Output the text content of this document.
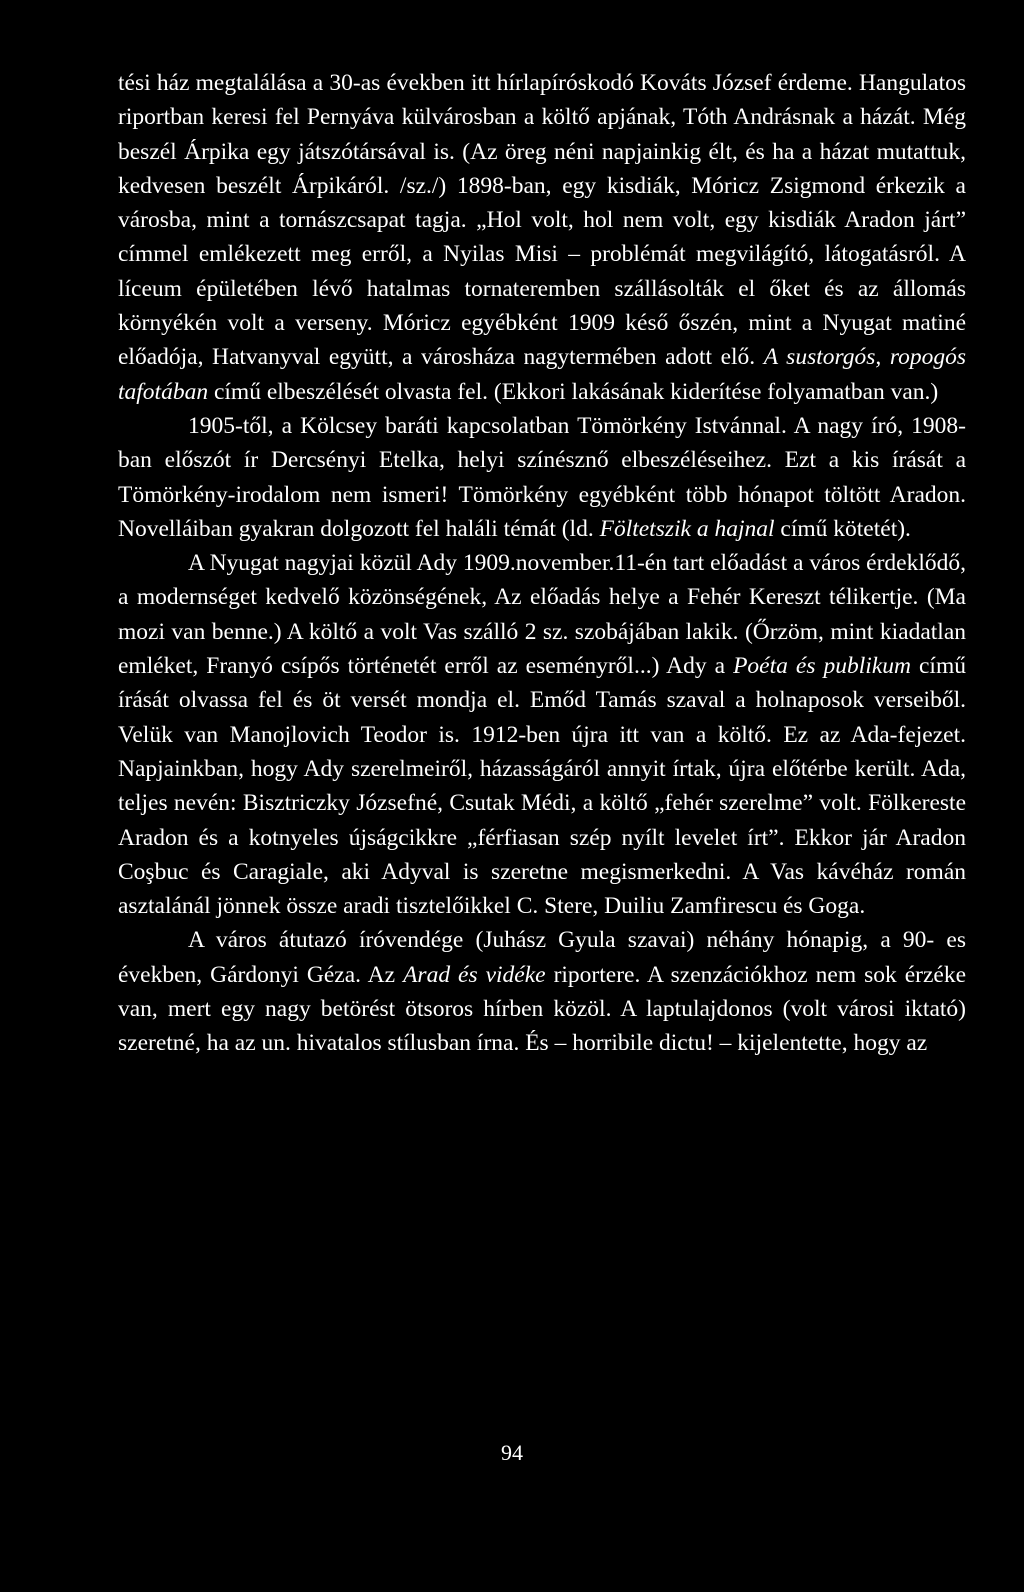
tési ház megtalálása a 30-as években itt hírlapíróskodó Kováts József érdeme. Hangulatos riportban keresi fel Pernyáva külvárosban a költő apjának, Tóth Andrásnak a házát. Még beszél Árpika egy játszótársával is. (Az öreg néni napjainkig élt, és ha a házat mutattuk, kedvesen beszélt Árpikáról. /sz./) 1898-ban, egy kisdiák, Móricz Zsigmond érkezik a városba, mint a tornászcsapat tagja. „Hol volt, hol nem volt, egy kisdiák Aradon járt” címmel emlékezett meg erről, a Nyilas Misi – problémát megvilágító, látogatásról. A líceum épületében lévő hatalmas tornateremben szállásolták el őket és az állomás környékén volt a verseny. Móricz egyébként 1909 késő őszén, mint a Nyugat matiné előadója, Hatvanyval együtt, a városháza nagytermében adott elő. A sustorgós, ropogós tafotában című elbeszélését olvasta fel. (Ekkori lakásának kiderítése folyamatban van.)

1905-től, a Kölcsey baráti kapcsolatban Tömörkény Istvánnal. A nagy író, 1908-ban előszót ír Dercsényi Etelka, helyi színésznő elbeszéléseihez. Ezt a kis írását a Tömörkény-irodalom nem ismeri! Tömörkény egyébként több hónapot töltött Aradon. Novelláiban gyakran dolgozott fel haláli témát (ld. Föltetszik a hajnal című kötetét).

A Nyugat nagyjai közül Ady 1909.november.11-én tart előadást a város érdeklődő, a modernséget kedvelő közönségének, Az előadás helye a Fehér Kereszt télikertje. (Ma mozi van benne.) A költő a volt Vas szálló 2 sz. szobájában lakik. (Őrzöm, mint kiadatlan emléket, Franyó csípős történetét erről az eseményről...) Ady a Poéta és publikum című írását olvassa fel és öt versét mondja el. Emőd Tamás szaval a holnaposok verseiből. Velük van Manojlovich Teodor is. 1912-ben újra itt van a költő. Ez az Ada-fejezet. Napjainkban, hogy Ady szerelmeiről, házasságáról annyit írtak, újra előtérbe került. Ada, teljes nevén: Bisztriczky Józsefné, Csutak Médi, a költő „fehér szerelme” volt. Fölkereste Aradon és a kotnyeles újságcikkre „férfiasan szép nyílt levelet írt”. Ekkor jár Aradon Coşbuc és Caragiale, aki Adyval is szeretne megismerkedni. A Vas kávéház román asztalánál jönnek össze aradi tisztelőikkel C. Stere, Duiliu Zamfirescu és Goga.

A város átutazó íróvendége (Juhász Gyula szavai) néhány hónapig, a 90- es években, Gárdonyi Géza. Az Arad és vidéke riportere. A szenzációkhoz nem sok érzéke van, mert egy nagy betörést ötsoros hírben közöl. A laptulajdonos (volt városi iktató) szeretné, ha az un. hivatalos stílusban írna. És – horribile dictu! – kijelentette, hogy az

94
